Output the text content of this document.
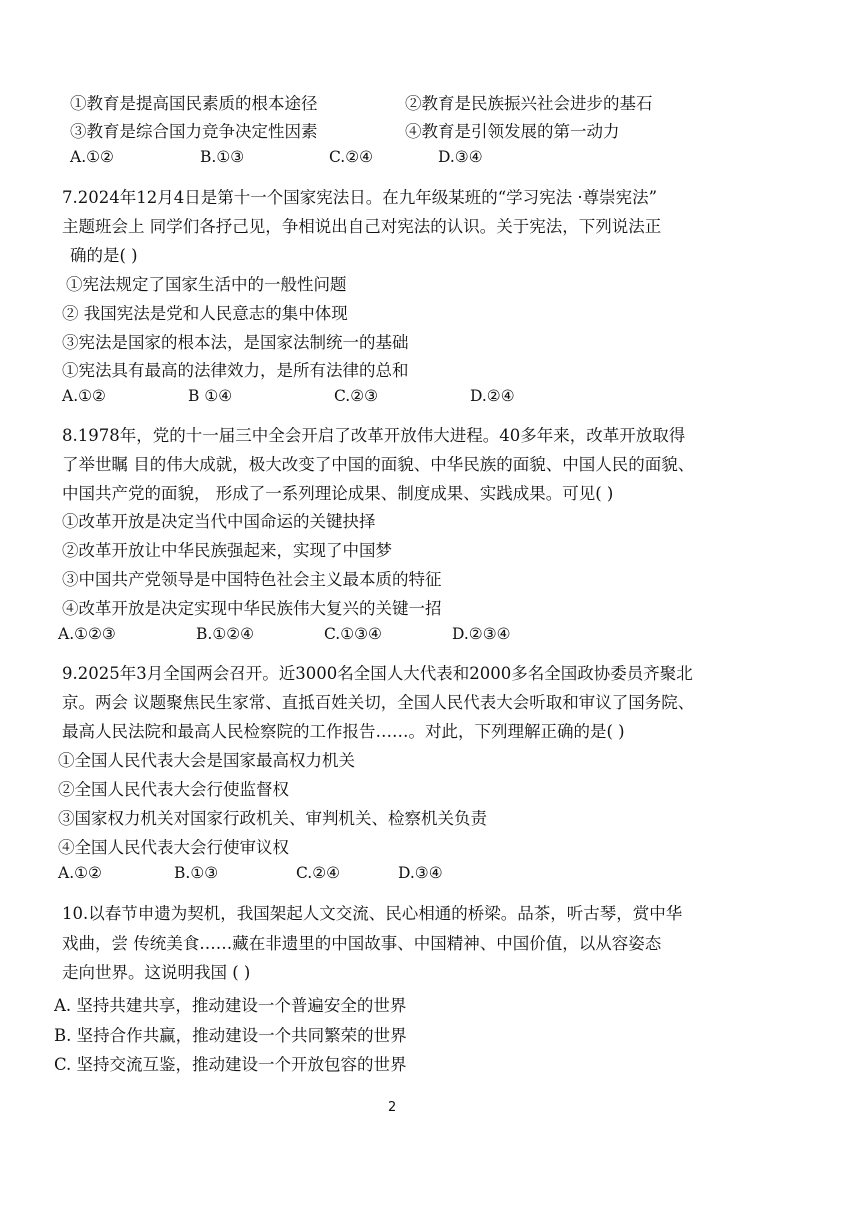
①教育是提高国民素质的根本途径	②教育是民族振兴社会进步的基石
③教育是综合国力竞争决定性因素	④教育是引领发展的第一动力
A.①②	B.①③	C.②④	D.③④
7.2024年12月4日是第十一个国家宪法日。在九年级某班的“学习宪法 ·尊崇宪法”
主题班会上 同学们各抒己见，争相说出自己对宪法的认识。关于宪法，下列说法正
确的是( )
①宪法规定了国家生活中的一般性问题
② 我国宪法是党和人民意志的集中体现
③宪法是国家的根本法，是国家法制统一的基础
①宪法具有最高的法律效力，是所有法律的总和
A.①②	B ①④	C.②③	D.②④
8.1978年，党的十一届三中全会开启了改革开放伟大进程。40多年来，改革开放取得
了举世瞩 目的伟大成就，极大改变了中国的面貌、中华民族的面貌、中国人民的面貌、
中国共产党的面貌， 形成了一系列理论成果、制度成果、实践成果。可见( )
①改革开放是决定当代中国命运的关键抉择
②改革开放让中华民族强起来，实现了中国梦
③中国共产党领导是中国特色社会主义最本质的特征
④改革开放是决定实现中华民族伟大复兴的关键一招
A.①②③	B.①②④	C.①③④	D.②③④
9.2025年3月全国两会召开。近3000名全国人大代表和2000多名全国政协委员齐聚北
京。两会 议题聚焦民生家常、直抵百姓关切，全国人民代表大会听取和审议了国务院、
最高人民法院和最高人民检察院的工作报告……。对此，下列理解正确的是( )
①全国人民代表大会是国家最高权力机关
②全国人民代表大会行使监督权
③国家权力机关对国家行政机关、审判机关、检察机关负责
④全国人民代表大会行使审议权
A.①②	B.①③	C.②④	D.③④
10.以春节申遗为契机，我国架起人文交流、民心相通的桥梁。品茶，听古琴，赏中华
戏曲，尝 传统美食……藏在非遗里的中国故事、中国精神、中国价值，以从容姿态
走向世界。这说明我国 ( )
A. 坚持共建共享，推动建设一个普遍安全的世界
B. 坚持合作共赢，推动建设一个共同繁荣的世界
C. 坚持交流互鉴，推动建设一个开放包容的世界
2
